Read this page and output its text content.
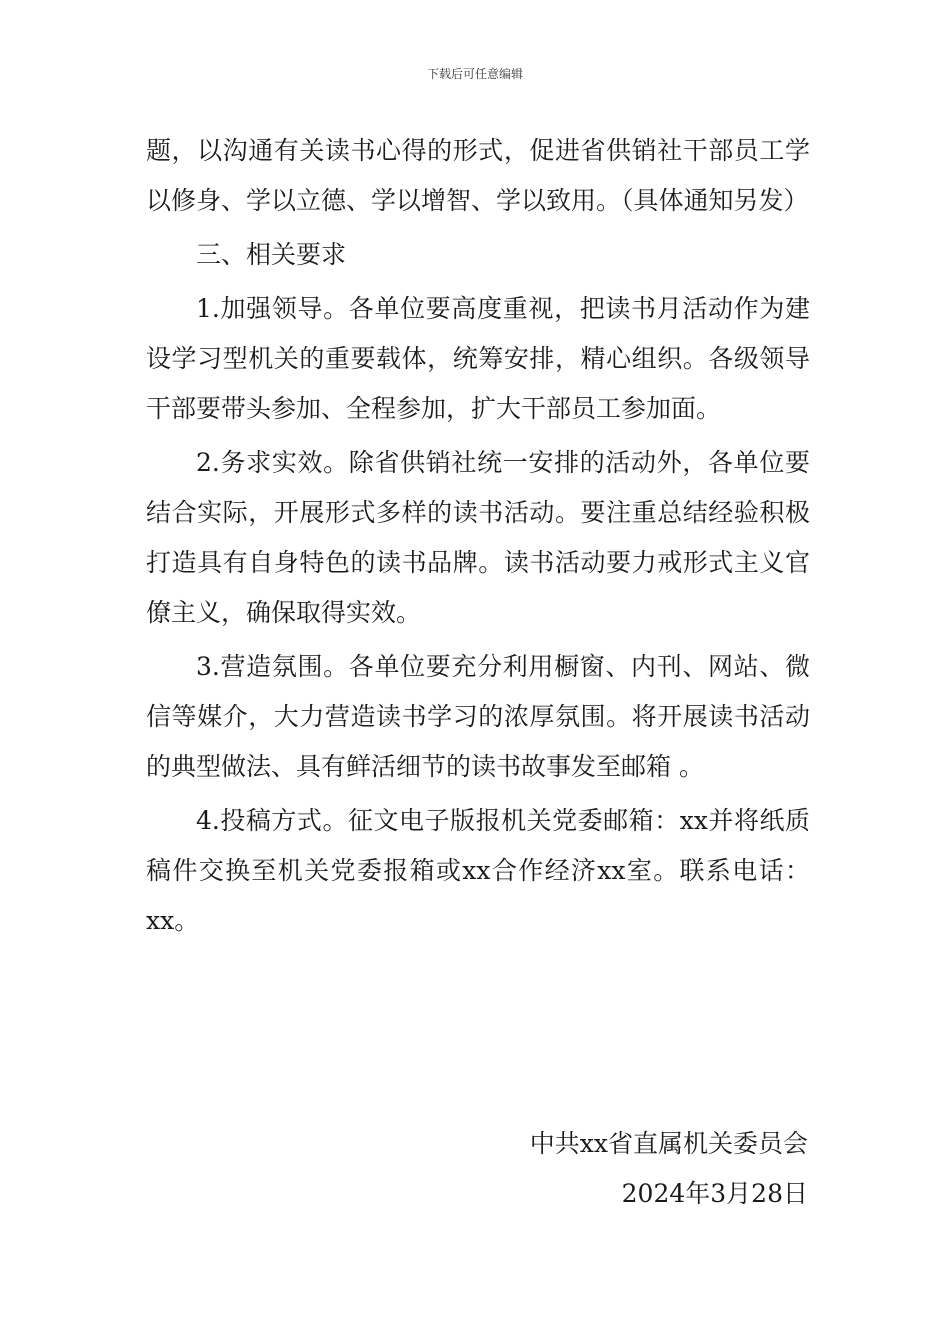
下载后可任意编辑

题，以沟通有关读书心得的形式，促进省供销社干部员工学以修身、学以立德、学以增智、学以致用。（具体通知另发）

三、相关要求

1.加强领导。各单位要高度重视，把读书月活动作为建设学习型机关的重要载体，统筹安排，精心组织。各级领导干部要带头参加、全程参加，扩大干部员工参加面。

2.务求实效。除省供销社统一安排的活动外，各单位要结合实际，开展形式多样的读书活动。要注重总结经验积极打造具有自身特色的读书品牌。读书活动要力戒形式主义官僚主义，确保取得实效。

3.营造氛围。各单位要充分利用橱窗、内刊、网站、微信等媒介，大力营造读书学习的浓厚氛围。将开展读书活动的典型做法、具有鲜活细节的读书故事发至邮箱 。

4.投稿方式。征文电子版报机关党委邮箱：xx并将纸质稿件交换至机关党委报箱或xx合作经济xx室。联系电话：xx。

中共xx省直属机关委员会
2024年3月28日
